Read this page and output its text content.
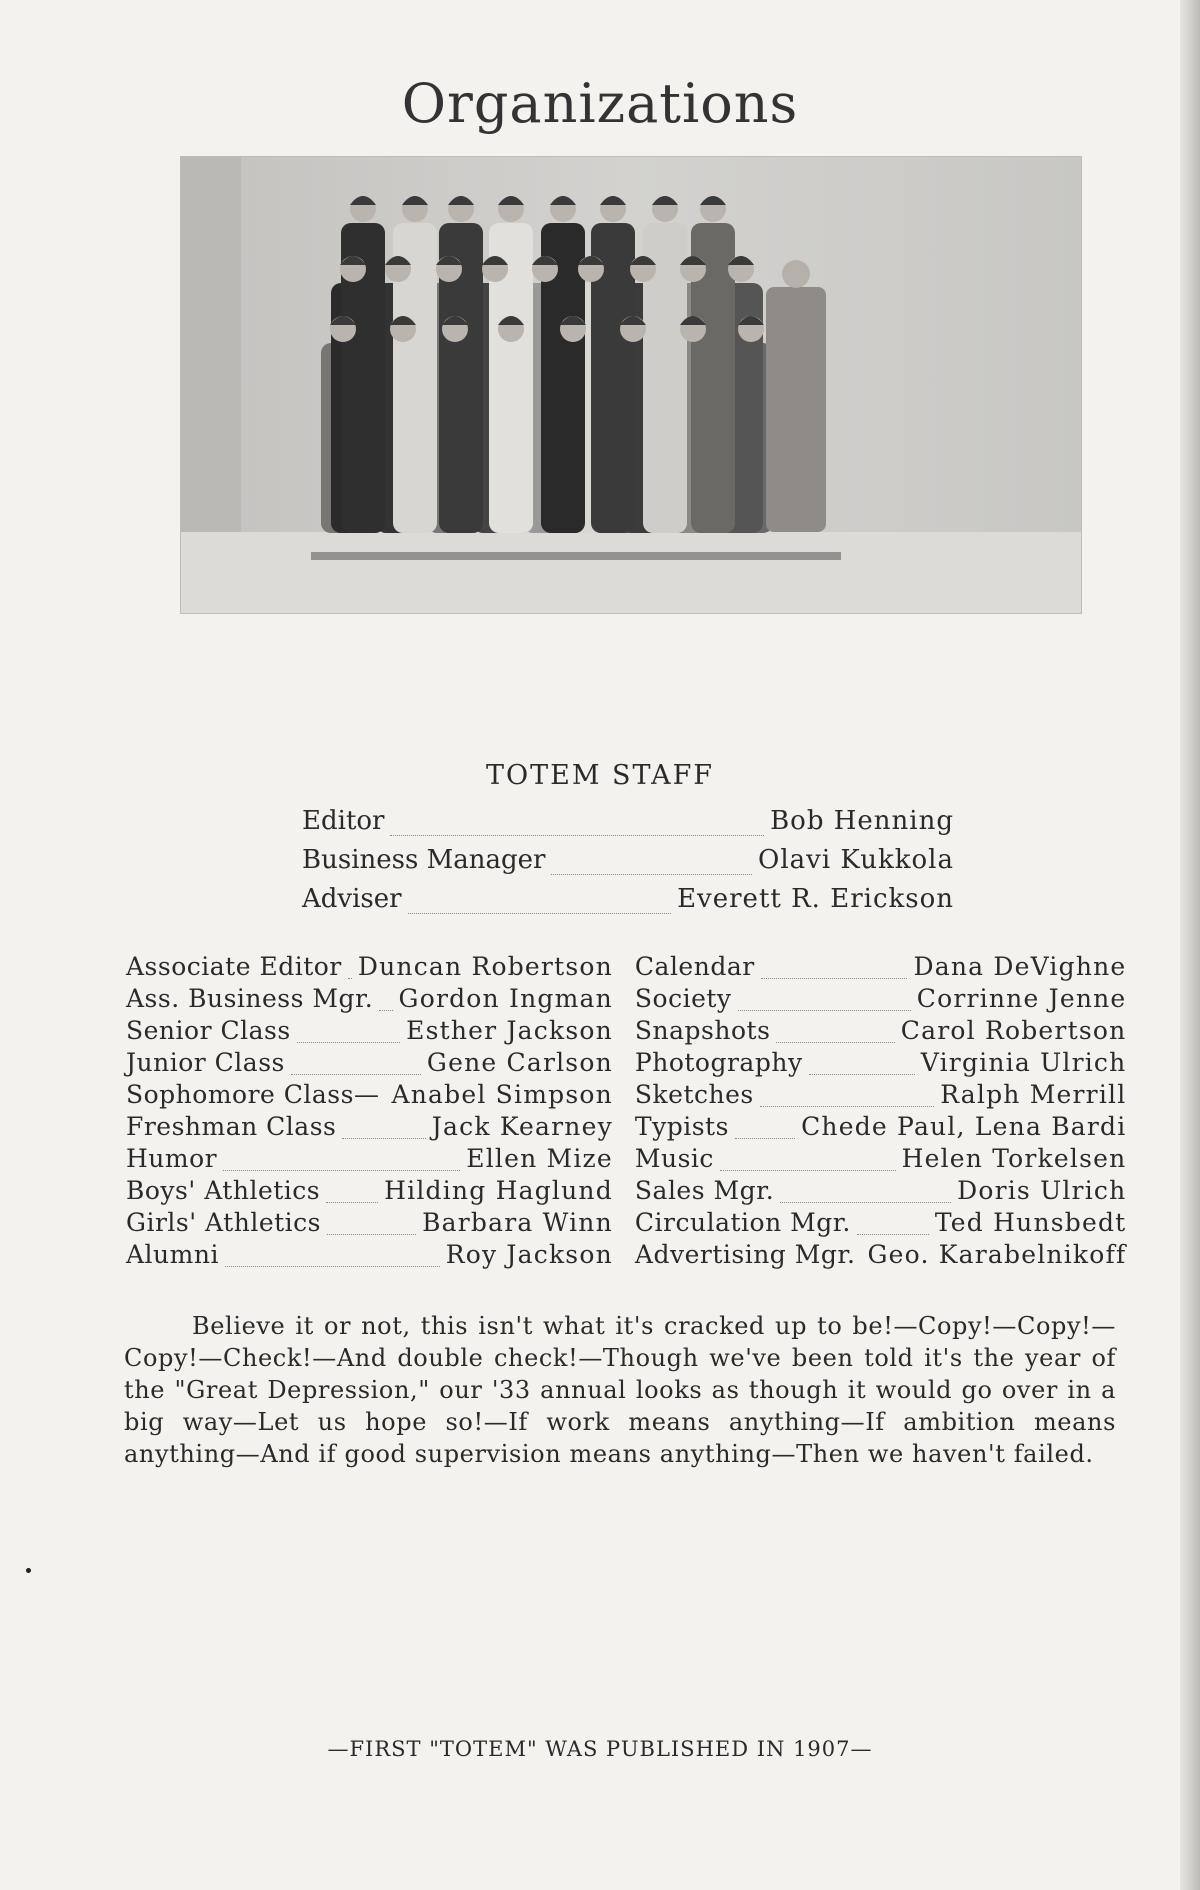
Organizations
TOTEM STAFF
Editor	Bob Henning
Business Manager	Olavi Kukkola
Adviser	Everett R. Erickson
Associate Editor Duncan Robertson
Ass. Business Mgr. Gordon Ingman
Senior Class	Esther Jackson
Junior Class	Gene Carlson
Sophomore Class— Anabel Simpson
Freshman Class	Jack Kearney
Humor	Ellen Mize
Boys' Athletics	Hilding Haglund
Girls' Athletics	Barbara Winn
Alumni	Roy Jackson
Calendar	Dana DeVighne
Society	Corrinne Jenne
Snapshots	Carol Robertson
Photography	Virginia Ulrich
Sketches	Ralph Merrill
Typists	Chede Paul, Lena Bardi
Music	Helen Torkelsen
Sales Mgr.	Doris Ulrich
Circulation Mgr.	Ted Hunsbedt
Advertising Mgr. Geo. Karabelnikoff
Believe it or not, this isn't what it's cracked up to be!—Copy!—Copy!—Copy!—Check!—And double check!—Though we've been told it's the year of the "Great Depression," our '33 annual looks as though it would go over in a big way—Let us hope so!—If work means anything—If ambition means anything—And if good supervision means anything—Then we haven't failed.
—FIRST "TOTEM" WAS PUBLISHED IN 1907—
